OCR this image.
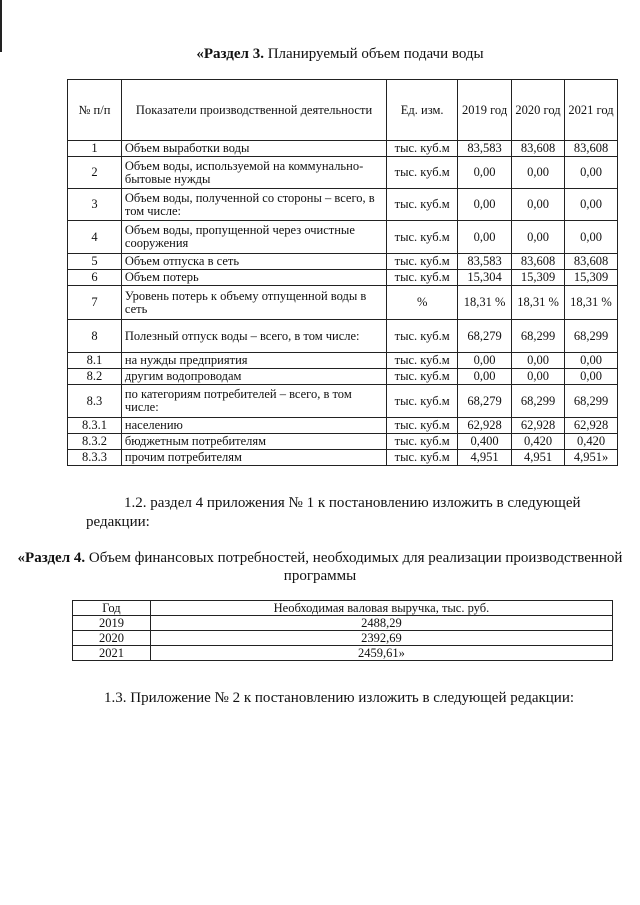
«Раздел 3. Планируемый объем подачи воды
№ п/п	Показатели производственной деятельности	Ед. изм.	2019 год	2020 год	2021 год
1	Объем выработки воды	тыс. куб.м	83,583	83,608	83,608
2	Объем воды, используемой на коммунально-бытовые нужды	тыс. куб.м	0,00	0,00	0,00
3	Объем воды, полученной со стороны – всего, в том числе:	тыс. куб.м	0,00	0,00	0,00
4	Объем воды, пропущенной через очистные сооружения	тыс. куб.м	0,00	0,00	0,00
5	Объем отпуска в сеть	тыс. куб.м	83,583	83,608	83,608
6	Объем потерь	тыс. куб.м	15,304	15,309	15,309
7	Уровень потерь к объему отпущенной воды в сеть	%	18,31 %	18,31 %	18,31 %
8	Полезный отпуск воды – всего, в том числе:	тыс. куб.м	68,279	68,299	68,299
8.1	на нужды предприятия	тыс. куб.м	0,00	0,00	0,00
8.2	другим водопроводам	тыс. куб.м	0,00	0,00	0,00
8.3	по категориям потребителей – всего, в том числе:	тыс. куб.м	68,279	68,299	68,299
8.3.1	населению	тыс. куб.м	62,928	62,928	62,928
8.3.2	бюджетным потребителям	тыс. куб.м	0,400	0,420	0,420
8.3.3	прочим потребителям	тыс. куб.м	4,951	4,951	4,951»
1.2. раздел 4 приложения № 1 к постановлению изложить в следующей редакции:
«Раздел 4. Объем финансовых потребностей, необходимых для реализации производственной программы
Год	Необходимая валовая выручка, тыс. руб.
2019	2488,29
2020	2392,69
2021	2459,61»
1.3. Приложение № 2 к постановлению изложить в следующей редакции:
